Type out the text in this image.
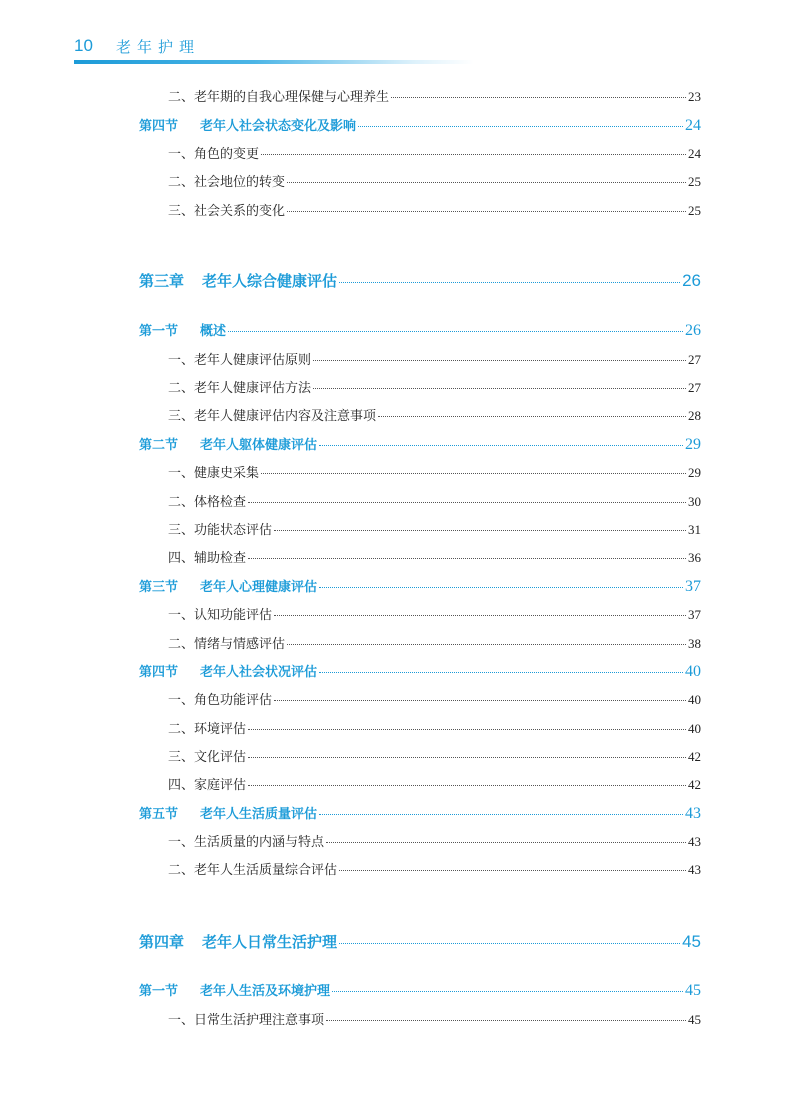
10 老年护理
二、老年期的自我心理保健与心理养生	23
第四节 老年人社会状态变化及影响	24
一、角色的变更	24
二、社会地位的转变	25
三、社会关系的变化	25
第三章 老年人综合健康评估	26
第一节 概述	26
一、老年人健康评估原则	27
二、老年人健康评估方法	27
三、老年人健康评估内容及注意事项	28
第二节 老年人躯体健康评估	29
一、健康史采集	29
二、体格检查	30
三、功能状态评估	31
四、辅助检查	36
第三节 老年人心理健康评估	37
一、认知功能评估	37
二、情绪与情感评估	38
第四节 老年人社会状况评估	40
一、角色功能评估	40
二、环境评估	40
三、文化评估	42
四、家庭评估	42
第五节 老年人生活质量评估	43
一、生活质量的内涵与特点	43
二、老年人生活质量综合评估	43
第四章 老年人日常生活护理	45
第一节 老年人生活及环境护理	45
一、日常生活护理注意事项	45
